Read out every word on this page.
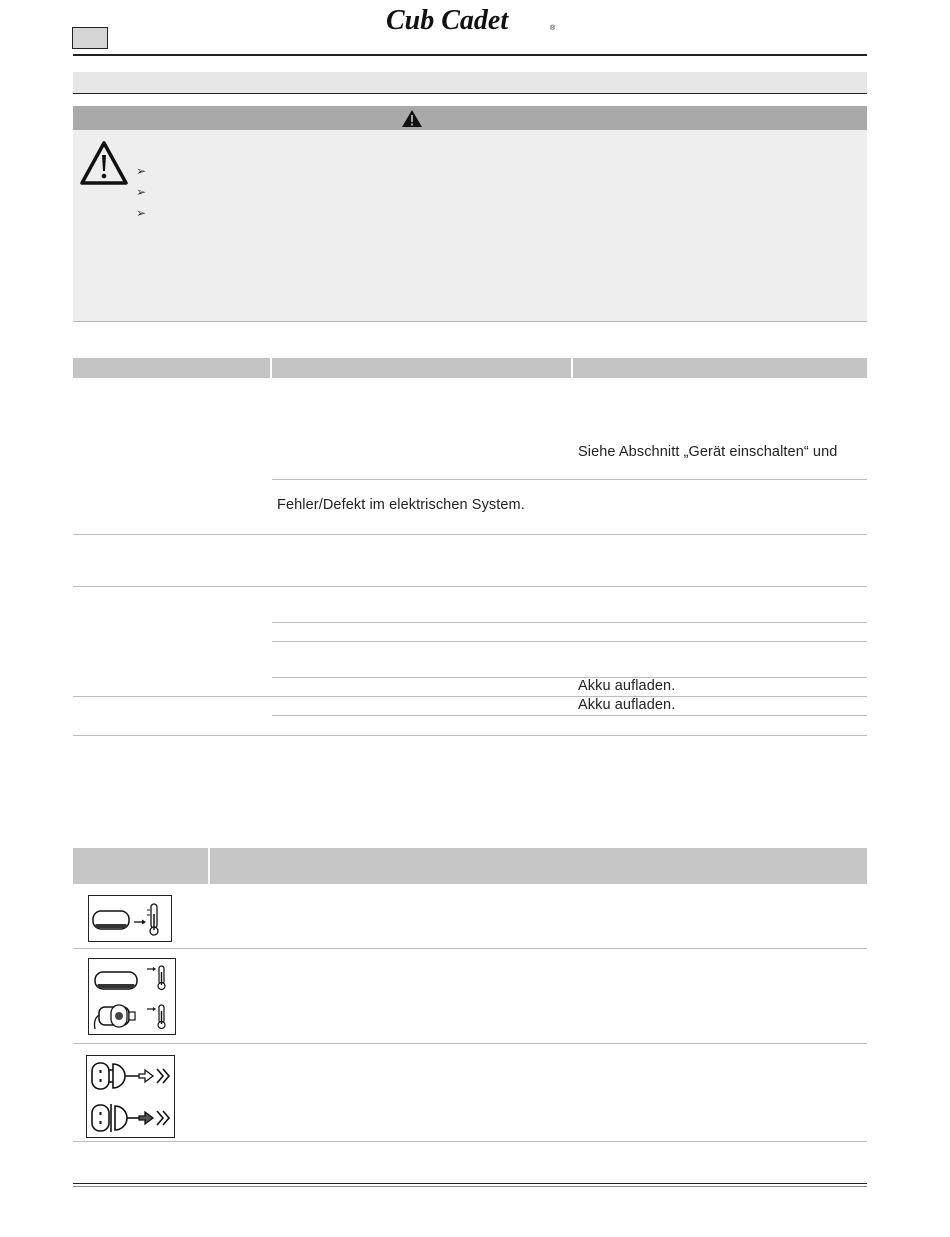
Cub Cadet	®
➢
➢
➢
Siehe Abschnitt „Gerät einschalten“ und
Fehler/Defekt im elektrischen System.
Akku aufladen.
Akku aufladen.
